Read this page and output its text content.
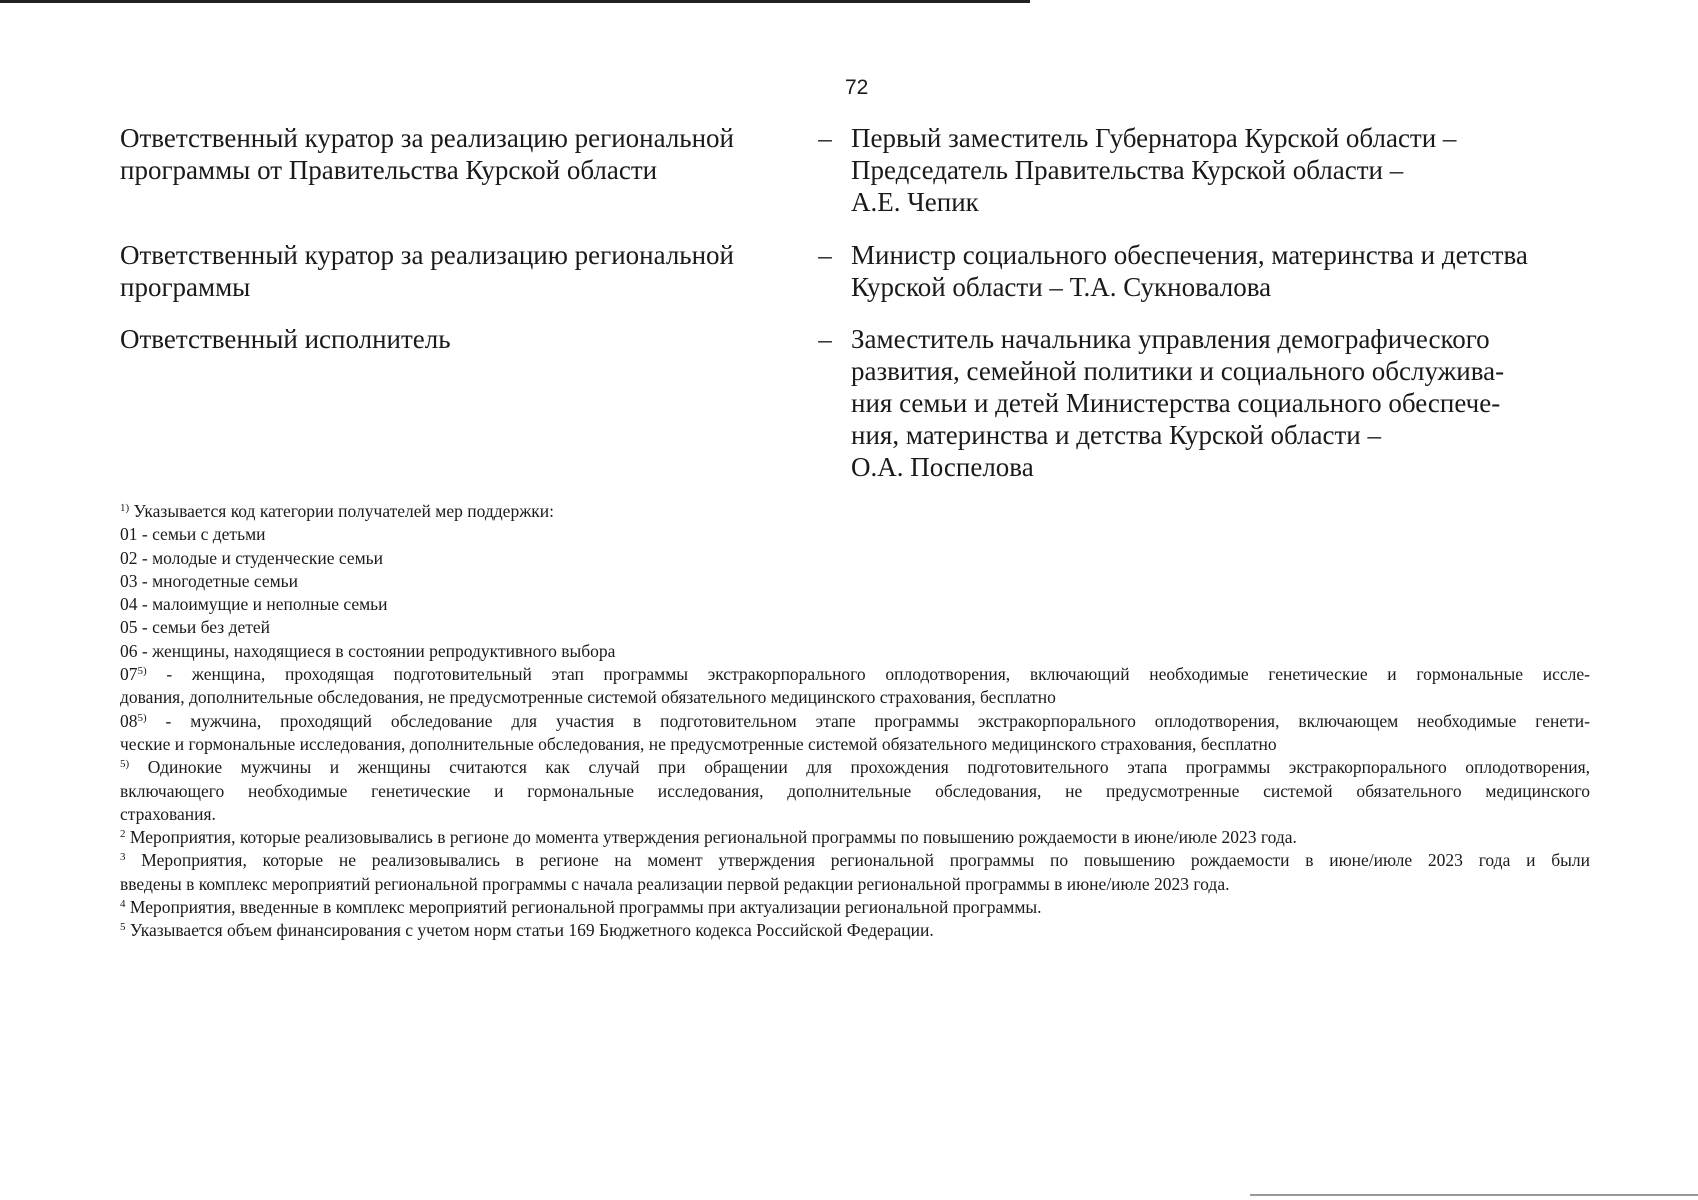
72
Ответственный куратор за реализацию региональной
программы от Правительства Курской области
– Первый заместитель Губернатора Курской области –
Председатель Правительства Курской области –
А.Е. Чепик
Ответственный куратор за реализацию региональной
программы
– Министр социального обеспечения, материнства и детства
Курской области – Т.А. Сукновалова
Ответственный исполнитель	– Заместитель начальника управления демографического
развития, семейной политики и социального обслужива-
ния семьи и детей Министерства социального обеспече-
ния, материнства и детства Курской области –
О.А. Поспелова
$^{1)}$ Указывается код категории получателей мер поддержки:
01 - семьи с детьми
02 - молодые и студенческие семьи
03 - многодетные семьи
04 - малоимущие и неполные семьи
05 - семьи без детей
06 - женщины, находящиеся в состоянии репродуктивного выбора
07$^{5)}$ - женщина, проходящая подготовительный этап программы экстракорпорального оплодотворения, включающий необходимые генетические и гормональные иссле-
дования, дополнительные обследования, не предусмотренные системой обязательного медицинского страхования, бесплатно
08$^{5)}$ - мужчина, проходящий обследование для участия в подготовительном этапе программы экстракорпорального оплодотворения, включающем необходимые генети-
ческие и гормональные исследования, дополнительные обследования, не предусмотренные системой обязательного медицинского страхования, бесплатно
$^{5)}$ Одинокие мужчины и женщины считаются как случай при обращении для прохождения подготовительного этапа программы экстракорпорального оплодотворения,
включающего необходимые генетические и гормональные исследования, дополнительные обследования, не предусмотренные системой обязательного медицинского
страхования.
$^2$ Мероприятия, которые реализовывались в регионе до момента утверждения региональной программы по повышению рождаемости в июне/июле 2023 года.
$^3$ Мероприятия, которые не реализовывались в регионе на момент утверждения региональной программы по повышению рождаемости в июне/июле 2023 года и были
введены в комплекс мероприятий региональной программы с начала реализации первой редакции региональной программы в июне/июле 2023 года.
$^4$ Мероприятия, введенные в комплекс мероприятий региональной программы при актуализации региональной программы.
$^5$ Указывается объем финансирования с учетом норм статьи 169 Бюджетного кодекса Российской Федерации.
